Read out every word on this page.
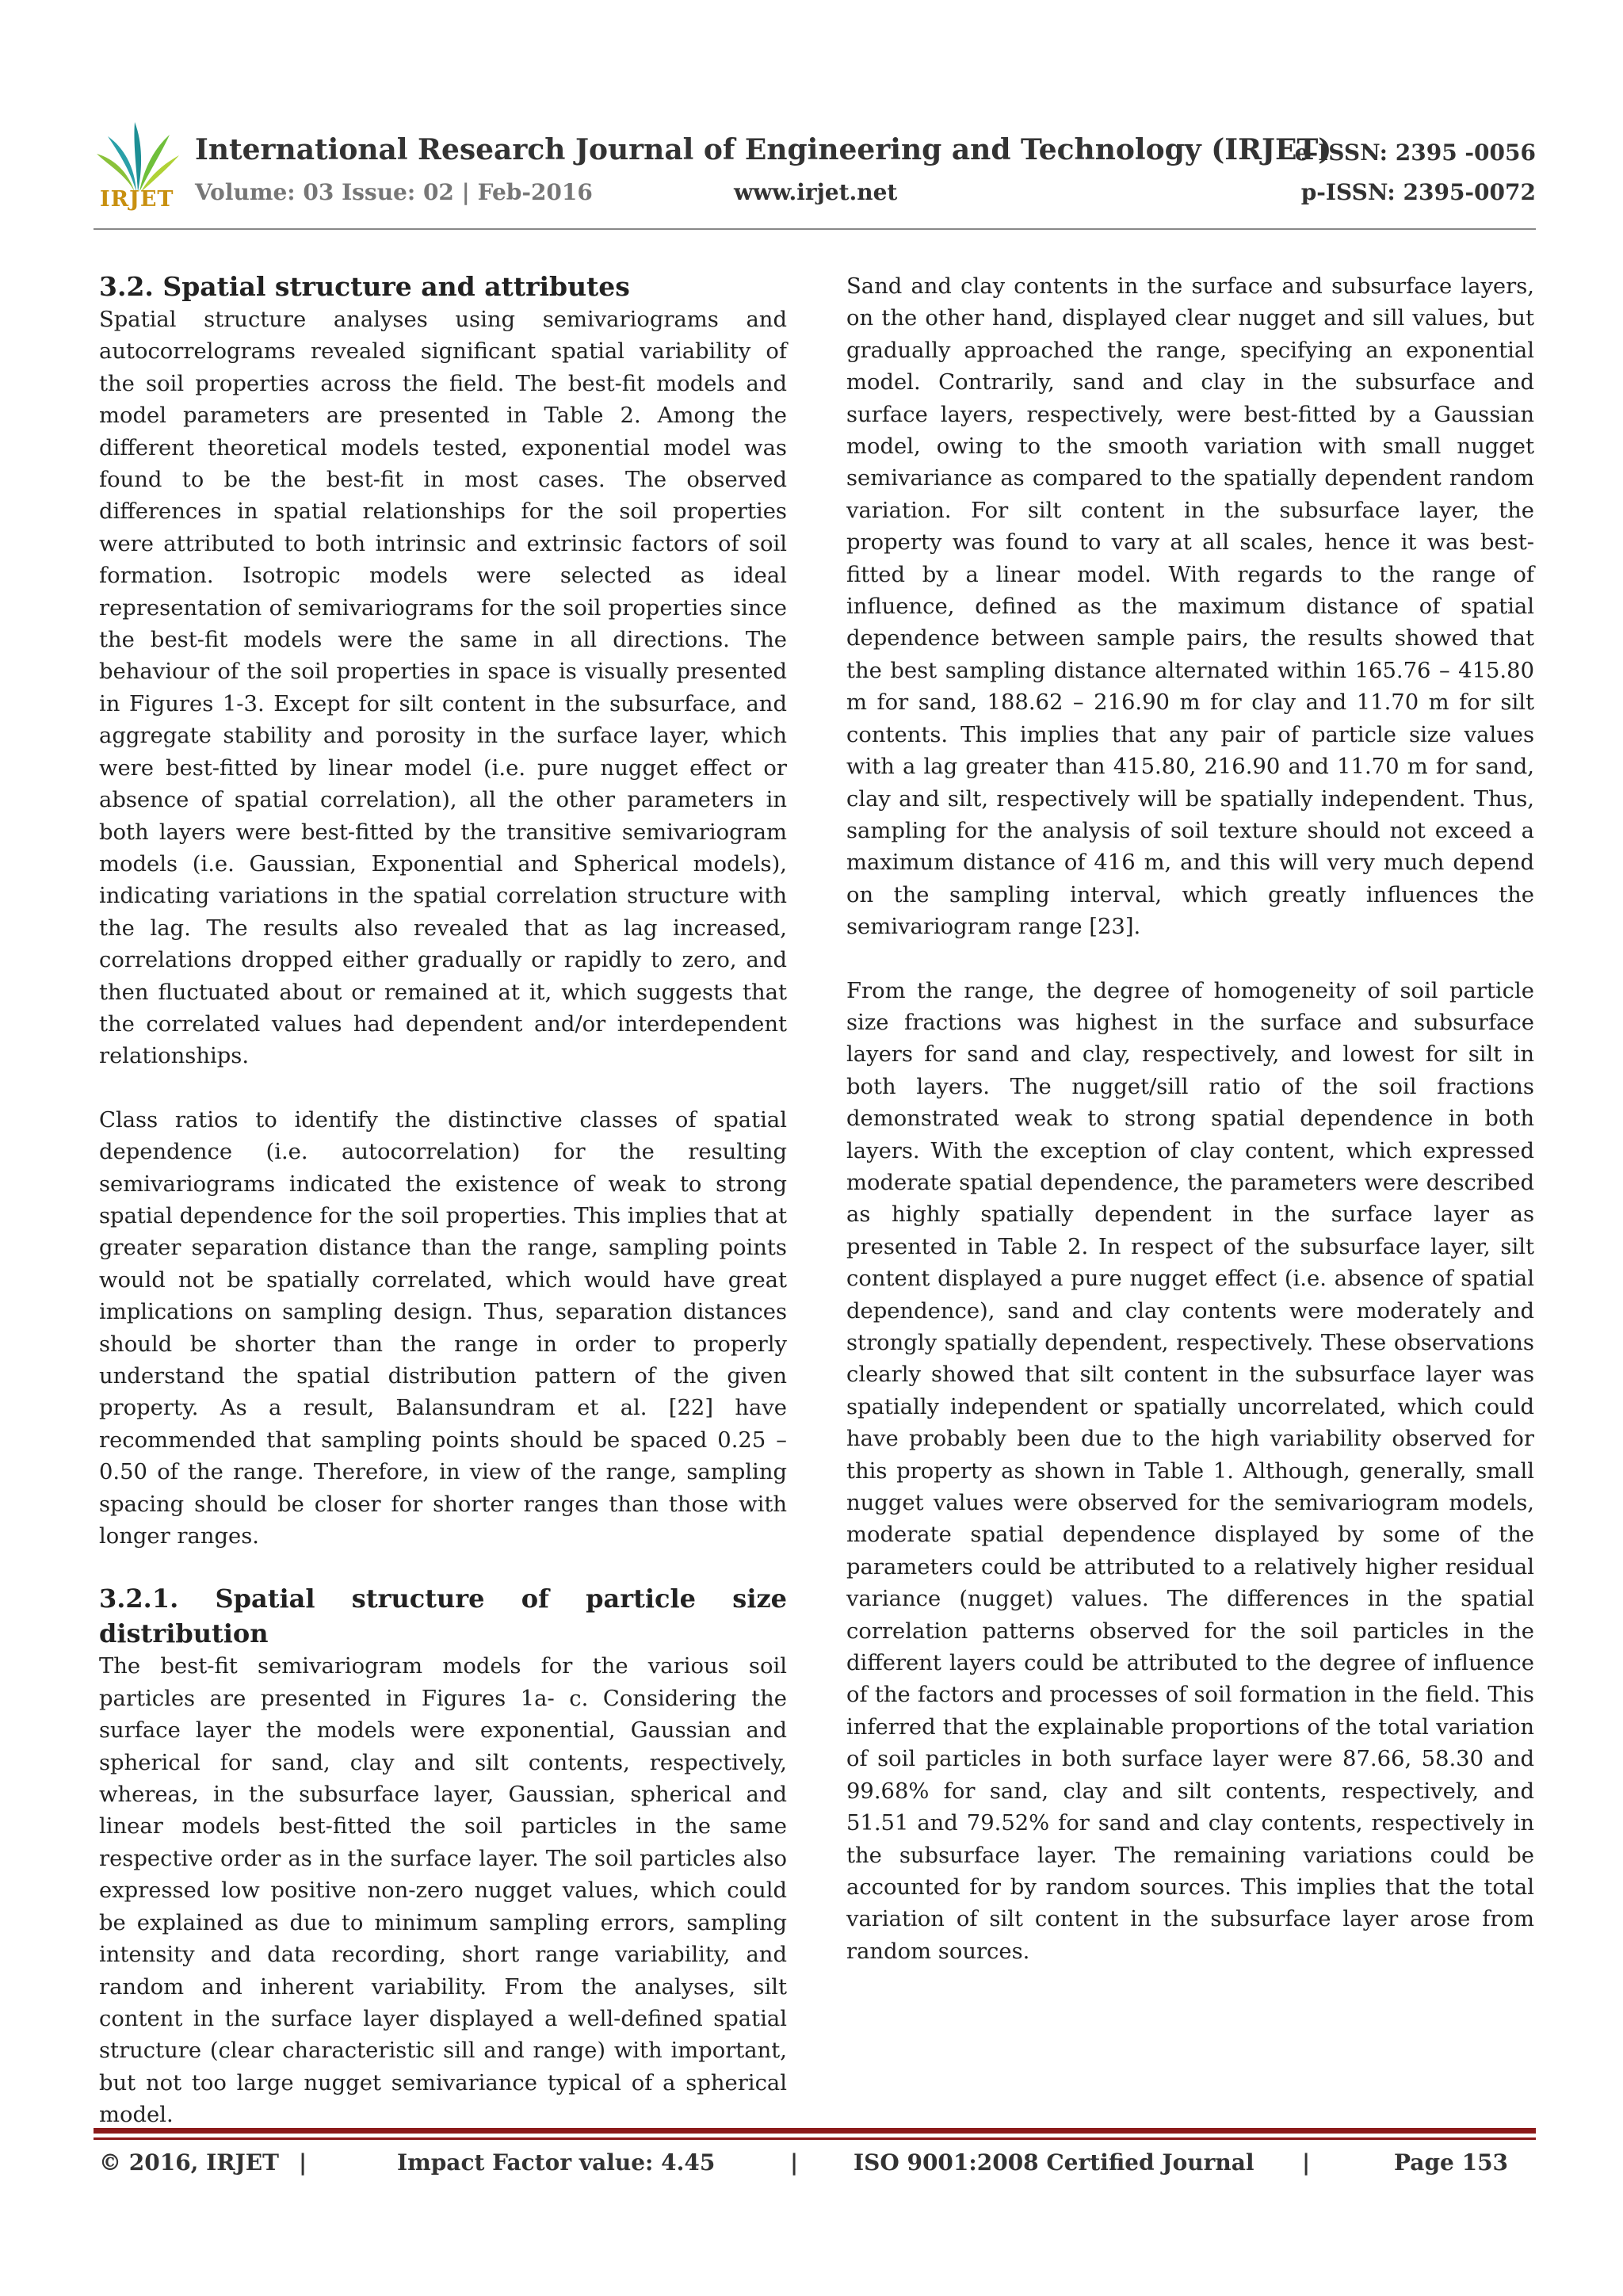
IRJET
International Research Journal of Engineering and Technology (IRJET)
e-ISSN: 2395 -0056
Volume: 03 Issue: 02 | Feb-2016	www.irjet.net	p-ISSN: 2395-0072
3.2. Spatial structure and attributes

Spatial structure analyses using semivariograms and autocorrelograms revealed significant spatial variability of the soil properties across the field. The best-fit models and model parameters are presented in Table 2. Among the different theoretical models tested, exponential model was found to be the best-fit in most cases. The observed differences in spatial relationships for the soil properties were attributed to both intrinsic and extrinsic factors of soil formation. Isotropic models were selected as ideal representation of semivariograms for the soil properties since the best-fit models were the same in all directions. The behaviour of the soil properties in space is visually presented in Figures 1-3. Except for silt content in the subsurface, and aggregate stability and porosity in the surface layer, which were best-fitted by linear model (i.e. pure nugget effect or absence of spatial correlation), all the other parameters in both layers were best-fitted by the transitive semivariogram models (i.e. Gaussian, Exponential and Spherical models), indicating variations in the spatial correlation structure with the lag. The results also revealed that as lag increased, correlations dropped either gradually or rapidly to zero, and then fluctuated about or remained at it, which suggests that the correlated values had dependent and/or interdependent relationships.

Class ratios to identify the distinctive classes of spatial dependence (i.e. autocorrelation) for the resulting semivariograms indicated the existence of weak to strong spatial dependence for the soil properties. This implies that at greater separation distance than the range, sampling points would not be spatially correlated, which would have great implications on sampling design. Thus, separation distances should be shorter than the range in order to properly understand the spatial distribution pattern of the given property. As a result, Balansundram et al. [22] have recommended that sampling points should be spaced 0.25 – 0.50 of the range. Therefore, in view of the range, sampling spacing should be closer for shorter ranges than those with longer ranges.

3.2.1. Spatial structure of particle size distribution

The best-fit semivariogram models for the various soil particles are presented in Figures 1a- c. Considering the surface layer the models were exponential, Gaussian and spherical for sand, clay and silt contents, respectively, whereas, in the subsurface layer, Gaussian, spherical and linear models best-fitted the soil particles in the same respective order as in the surface layer. The soil particles also expressed low positive non-zero nugget values, which could be explained as due to minimum sampling errors, sampling intensity and data recording, short range variability, and random and inherent variability. From the analyses, silt content in the surface layer displayed a well-defined spatial structure (clear characteristic sill and range) with important, but not too large nugget semivariance typical of a spherical model.

Sand and clay contents in the surface and subsurface layers, on the other hand, displayed clear nugget and sill values, but gradually approached the range, specifying an exponential model. Contrarily, sand and clay in the subsurface and surface layers, respectively, were best-fitted by a Gaussian model, owing to the smooth variation with small nugget semivariance as compared to the spatially dependent random variation. For silt content in the subsurface layer, the property was found to vary at all scales, hence it was best-fitted by a linear model. With regards to the range of influence, defined as the maximum distance of spatial dependence between sample pairs, the results showed that the best sampling distance alternated within 165.76 – 415.80 m for sand, 188.62 – 216.90 m for clay and 11.70 m for silt contents. This implies that any pair of particle size values with a lag greater than 415.80, 216.90 and 11.70 m for sand, clay and silt, respectively will be spatially independent. Thus, sampling for the analysis of soil texture should not exceed a maximum distance of 416 m, and this will very much depend on the sampling interval, which greatly influences the semivariogram range [23].

From the range, the degree of homogeneity of soil particle size fractions was highest in the surface and subsurface layers for sand and clay, respectively, and lowest for silt in both layers. The nugget/sill ratio of the soil fractions demonstrated weak to strong spatial dependence in both layers. With the exception of clay content, which expressed moderate spatial dependence, the parameters were described as highly spatially dependent in the surface layer as presented in Table 2. In respect of the subsurface layer, silt content displayed a pure nugget effect (i.e. absence of spatial dependence), sand and clay contents were moderately and strongly spatially dependent, respectively. These observations clearly showed that silt content in the subsurface layer was spatially independent or spatially uncorrelated, which could have probably been due to the high variability observed for this property as shown in Table 1. Although, generally, small nugget values were observed for the semivariogram models, moderate spatial dependence displayed by some of the parameters could be attributed to a relatively higher residual variance (nugget) values. The differences in the spatial correlation patterns observed for the soil particles in the different layers could be attributed to the degree of influence of the factors and processes of soil formation in the field. This inferred that the explainable proportions of the total variation of soil particles in both surface layer were 87.66, 58.30 and 99.68% for sand, clay and silt contents, respectively, and 51.51 and 79.52% for sand and clay contents, respectively in the subsurface layer. The remaining variations could be accounted for by random sources. This implies that the total variation of silt content in the subsurface layer arose from random sources.

© 2016, IRJET |	Impact Factor value: 4.45	| ISO 9001:2008 Certified Journal |	Page 153
